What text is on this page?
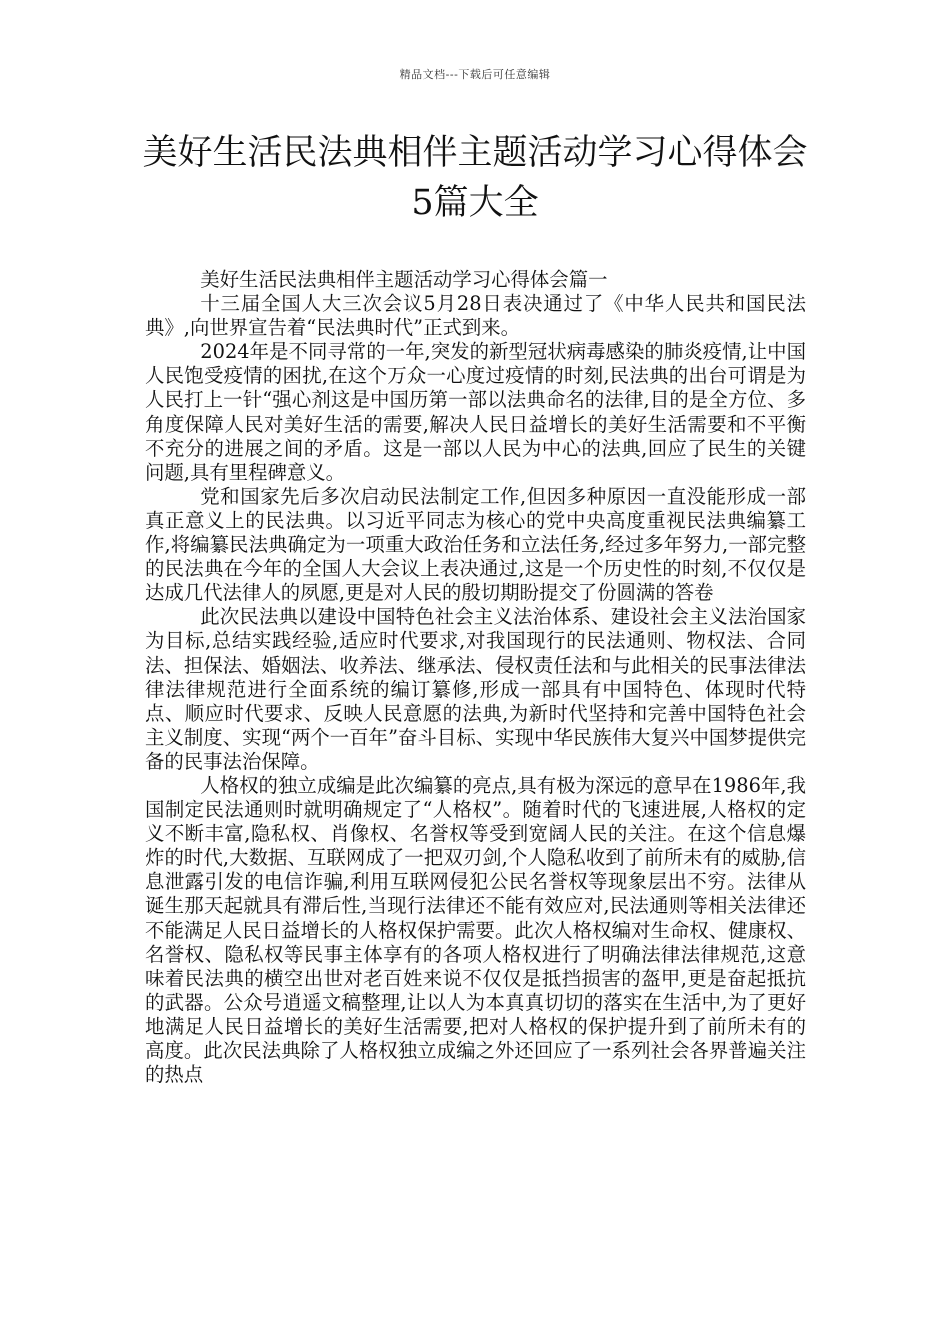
精品文档---下载后可任意编辑
美好生活民法典相伴主题活动学习心得体会5篇大全

美好生活民法典相伴主题活动学习心得体会篇一

十三届全国人大三次会议5月28日表决通过了《中华人民共和国民法典》,向世界宣告着“民法典时代”正式到来。

2024年是不同寻常的一年,突发的新型冠状病毒感染的肺炎疫情,让中国人民饱受疫情的困扰,在这个万众一心度过疫情的时刻,民法典的出台可谓是为人民打上一针“强心剂这是中国历第一部以法典命名的法律,目的是全方位、多角度保障人民对美好生活的需要,解决人民日益增长的美好生活需要和不平衡不充分的进展之间的矛盾。这是一部以人民为中心的法典,回应了民生的关键问题,具有里程碑意义。

党和国家先后多次启动民法制定工作,但因多种原因一直没能形成一部真正意义上的民法典。以习近平同志为核心的党中央高度重视民法典编纂工作,将编纂民法典确定为一项重大政治任务和立法任务,经过多年努力,一部完整的民法典在今年的全国人大会议上表决通过,这是一个历史性的时刻,不仅仅是达成几代法律人的夙愿,更是对人民的殷切期盼提交了份圆满的答卷

此次民法典以建设中国特色社会主义法治体系、建设社会主义法治国家为目标,总结实践经验,适应时代要求,对我国现行的民法通则、物权法、合同法、担保法、婚姻法、收养法、继承法、侵权责任法和与此相关的民事法律法律法律规范进行全面系统的编订纂修,形成一部具有中国特色、体现时代特点、顺应时代要求、反映人民意愿的法典,为新时代坚持和完善中国特色社会主义制度、实现“两个一百年”奋斗目标、实现中华民族伟大复兴中国梦提供完备的民事法治保障。

人格权的独立成编是此次编纂的亮点,具有极为深远的意早在1986年,我国制定民法通则时就明确规定了“人格权”。随着时代的飞速进展,人格权的定义不断丰富,隐私权、肖像权、名誉权等受到宽阔人民的关注。在这个信息爆炸的时代,大数据、互联网成了一把双刃剑,个人隐私收到了前所未有的威胁,信息泄露引发的电信诈骗,利用互联网侵犯公民名誉权等现象层出不穷。法律从诞生那天起就具有滞后性,当现行法律还不能有效应对,民法通则等相关法律还不能满足人民日益增长的人格权保护需要。此次人格权编对生命权、健康权、名誉权、隐私权等民事主体享有的各项人格权进行了明确法律法律规范,这意味着民法典的横空出世对老百姓来说不仅仅是抵挡损害的盔甲,更是奋起抵抗的武器。公众号逍遥文稿整理,让以人为本真真切切的落实在生活中,为了更好地满足人民日益增长的美好生活需要,把对人格权的保护提升到了前所未有的高度。此次民法典除了人格权独立成编之外还回应了一系列社会各界普遍关注的热点
